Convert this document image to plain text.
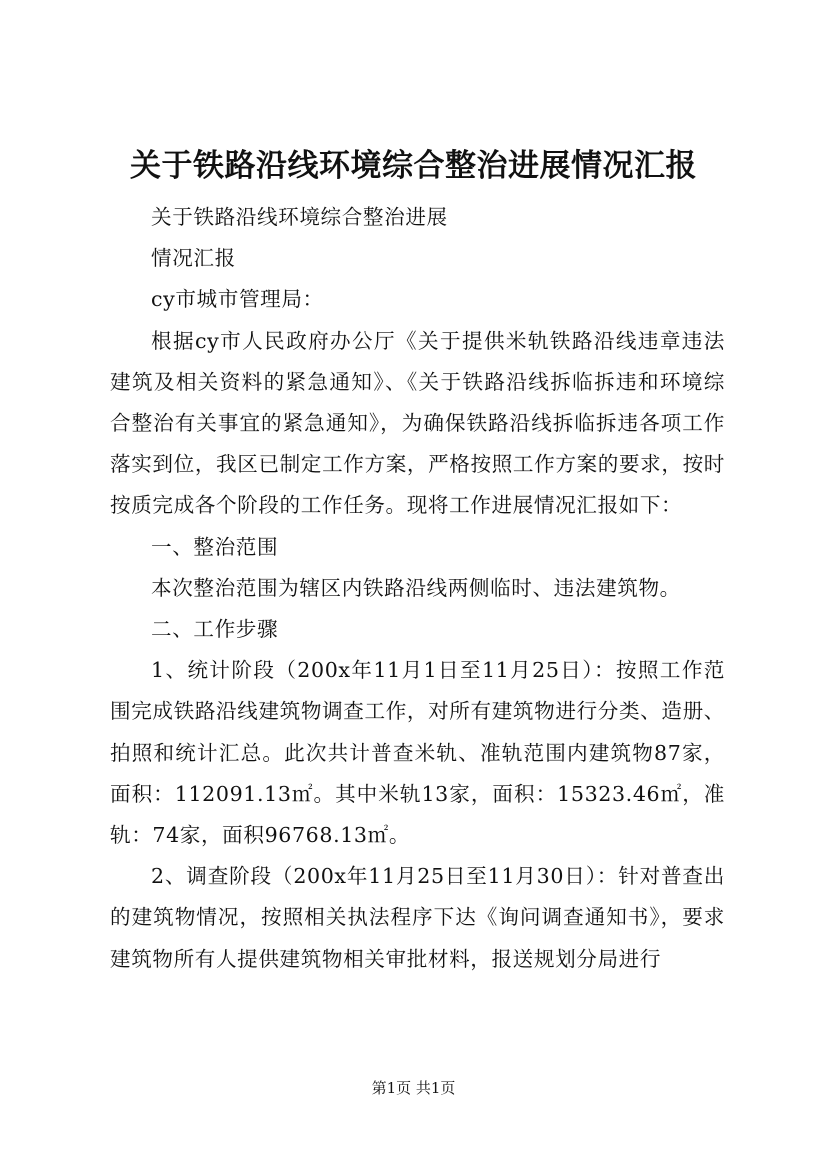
关于铁路沿线环境综合整治进展情况汇报

关于铁路沿线环境综合整治进展

情况汇报

cy市城市管理局：

根据cy市人民政府办公厅《关于提供米轨铁路沿线违章违法建筑及相关资料的紧急通知》、《关于铁路沿线拆临拆违和环境综合整治有关事宜的紧急通知》，为确保铁路沿线拆临拆违各项工作落实到位，我区已制定工作方案，严格按照工作方案的要求，按时按质完成各个阶段的工作任务。现将工作进展情况汇报如下：

一、整治范围

本次整治范围为辖区内铁路沿线两侧临时、违法建筑物。

二、工作步骤

1、统计阶段（200x年11月1日至11月25日）：按照工作范围完成铁路沿线建筑物调查工作，对所有建筑物进行分类、造册、拍照和统计汇总。此次共计普查米轨、准轨范围内建筑物87家，面积：112091.13㎡。其中米轨13家，面积：15323.46㎡，准轨：74家，面积96768.13㎡。

2、调查阶段（200x年11月25日至11月30日）：针对普查出的建筑物情况，按照相关执法程序下达《询问调查通知书》，要求建筑物所有人提供建筑物相关审批材料，报送规划分局进行

第1页 共1页
